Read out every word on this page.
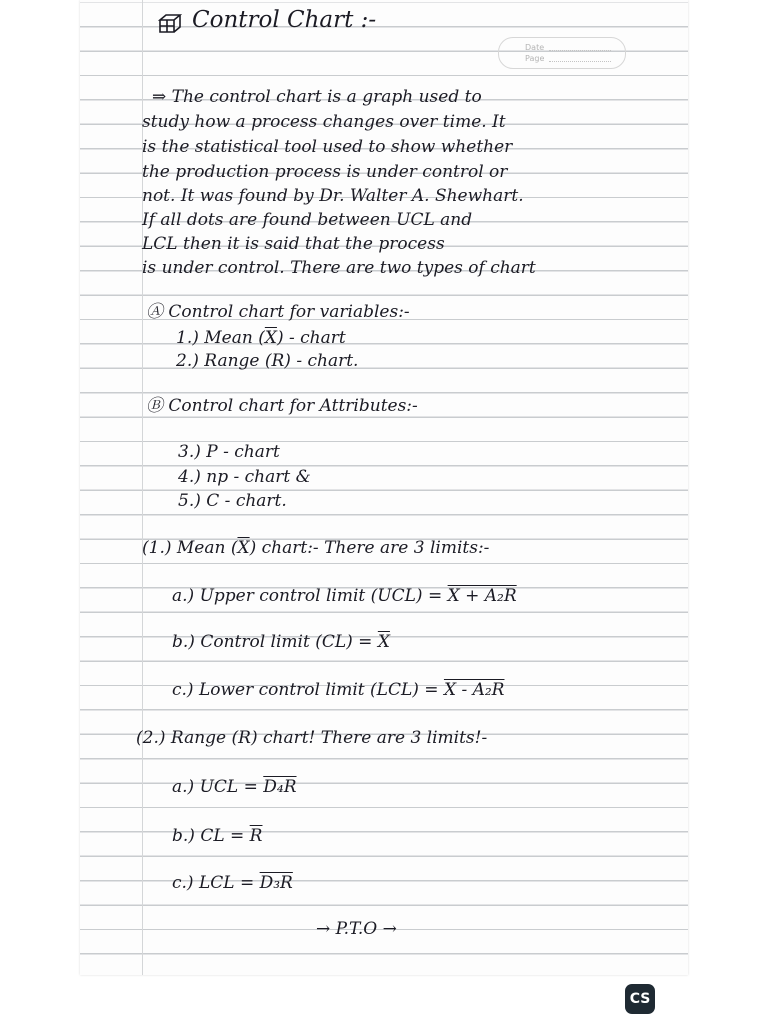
Date
Page

Control Chart :-

⇒ The control chart is a graph used to

study how a process changes over time. It

is the statistical tool used to show whether

the production process is under control or

not. It was found by Dr. Walter A. Shewhart.

If all dots are found between UCL and

LCL then it is said that the process

is under control. There are two types of chart

Ⓐ Control chart for variables:-

1.) Mean $(\overline{X})$ - chart

2.) Range (R) - chart.

Ⓑ Control chart for Attributes:-

3.) P - chart

4.) np - chart &

5.) C - chart.

(1.) Mean $(\overline{X})$ chart:- There are 3 limits:-

a.) Upper control limit (UCL) = X + A₂R

b.) Control limit $(CL) = \overline{X}$

c.) Lower control limit (LCL) = X - A₂R

(2.) Range (R) chart! There are 3 limits!-

a.) UCL = D₄R

b.) CL = $\overline{R}$

c.) LCL = D₃R

→ P.T.O →

CS
